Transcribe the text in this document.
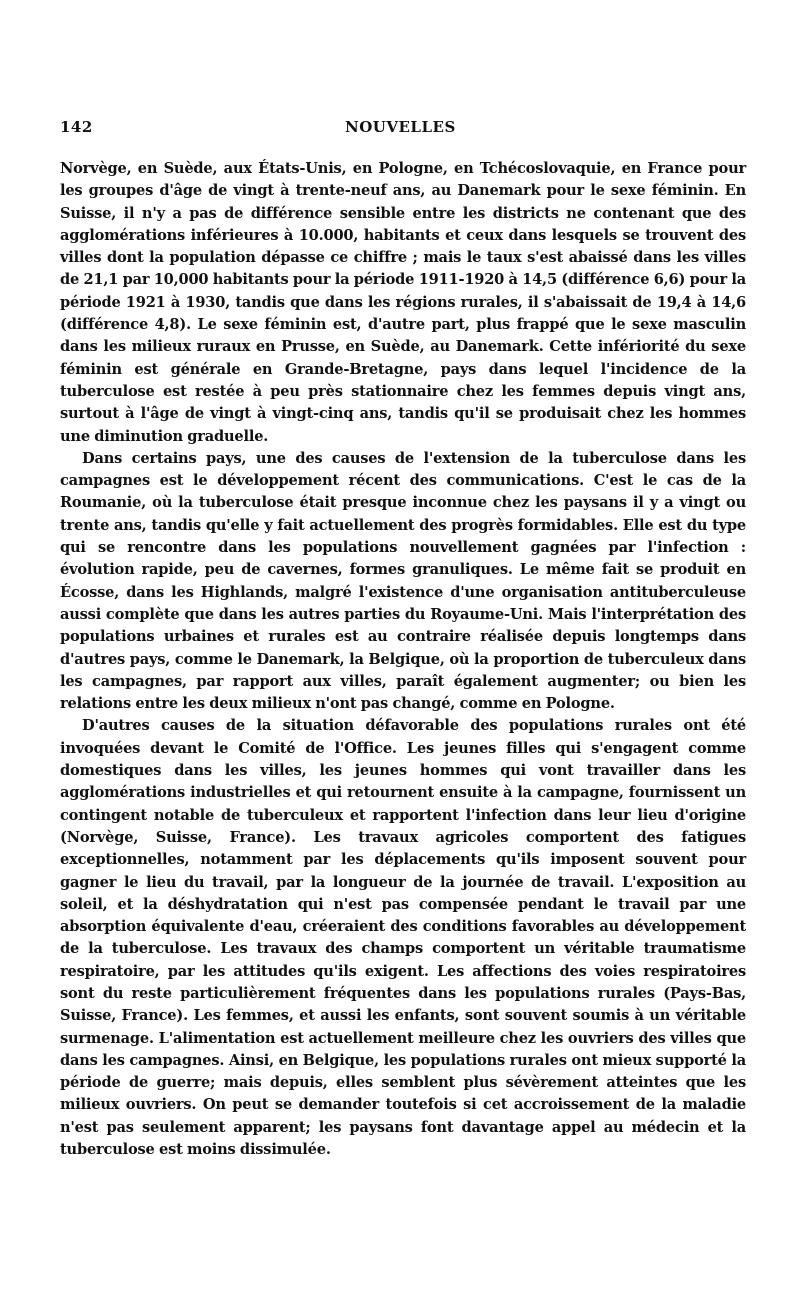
142	NOUVELLES

Norvège, en Suède, aux États-Unis, en Pologne, en Tchécoslovaquie, en France pour les groupes d'âge de vingt à trente-neuf ans, au Danemark pour le sexe féminin. En Suisse, il n'y a pas de différence sensible entre les districts ne contenant que des agglomérations inférieures à 10.000, habitants et ceux dans lesquels se trouvent des villes dont la population dépasse ce chiffre ; mais le taux s'est abaissé dans les villes de 21,1 par 10,000 habitants pour la période 1911-1920 à 14,5 (différence 6,6) pour la période 1921 à 1930, tandis que dans les régions rurales, il s'abaissait de 19,4 à 14,6 (différence 4,8). Le sexe féminin est, d'autre part, plus frappé que le sexe masculin dans les milieux ruraux en Prusse, en Suède, au Danemark. Cette infériorité du sexe féminin est générale en Grande-Bretagne, pays dans lequel l'incidence de la tuberculose est restée à peu près stationnaire chez les femmes depuis vingt ans, surtout à l'âge de vingt à vingt-cinq ans, tandis qu'il se produisait chez les hommes une diminution graduelle.

Dans certains pays, une des causes de l'extension de la tuberculose dans les campagnes est le développement récent des communications. C'est le cas de la Roumanie, où la tuberculose était presque inconnue chez les paysans il y a vingt ou trente ans, tandis qu'elle y fait actuellement des progrès formidables. Elle est du type qui se rencontre dans les populations nouvellement gagnées par l'infection : évolution rapide, peu de cavernes, formes granuliques. Le même fait se produit en Écosse, dans les Highlands, malgré l'existence d'une organisation antituberculeuse aussi complète que dans les autres parties du Royaume-Uni. Mais l'interprétation des populations urbaines et rurales est au contraire réalisée depuis longtemps dans d'autres pays, comme le Danemark, la Belgique, où la proportion de tuberculeux dans les campagnes, par rapport aux villes, paraît également augmenter; ou bien les relations entre les deux milieux n'ont pas changé, comme en Pologne.

D'autres causes de la situation défavorable des populations rurales ont été invoquées devant le Comité de l'Office. Les jeunes filles qui s'engagent comme domestiques dans les villes, les jeunes hommes qui vont travailler dans les agglomérations industrielles et qui retournent ensuite à la campagne, fournissent un contingent notable de tuberculeux et rapportent l'infection dans leur lieu d'origine (Norvège, Suisse, France). Les travaux agricoles comportent des fatigues exceptionnelles, notamment par les déplacements qu'ils imposent souvent pour gagner le lieu du travail, par la longueur de la journée de travail. L'exposition au soleil, et la déshydratation qui n'est pas compensée pendant le travail par une absorption équivalente d'eau, créeraient des conditions favorables au développement de la tuberculose. Les travaux des champs comportent un véritable traumatisme respiratoire, par les attitudes qu'ils exigent. Les affections des voies respiratoires sont du reste particulièrement fréquentes dans les populations rurales (Pays-Bas, Suisse, France). Les femmes, et aussi les enfants, sont souvent soumis à un véritable surmenage. L'alimentation est actuellement meilleure chez les ouvriers des villes que dans les campagnes. Ainsi, en Belgique, les populations rurales ont mieux supporté la période de guerre; mais depuis, elles semblent plus sévèrement atteintes que les milieux ouvriers. On peut se demander toutefois si cet accroissement de la maladie n'est pas seulement apparent; les paysans font davantage appel au médecin et la tuberculose est moins dissimulée.
